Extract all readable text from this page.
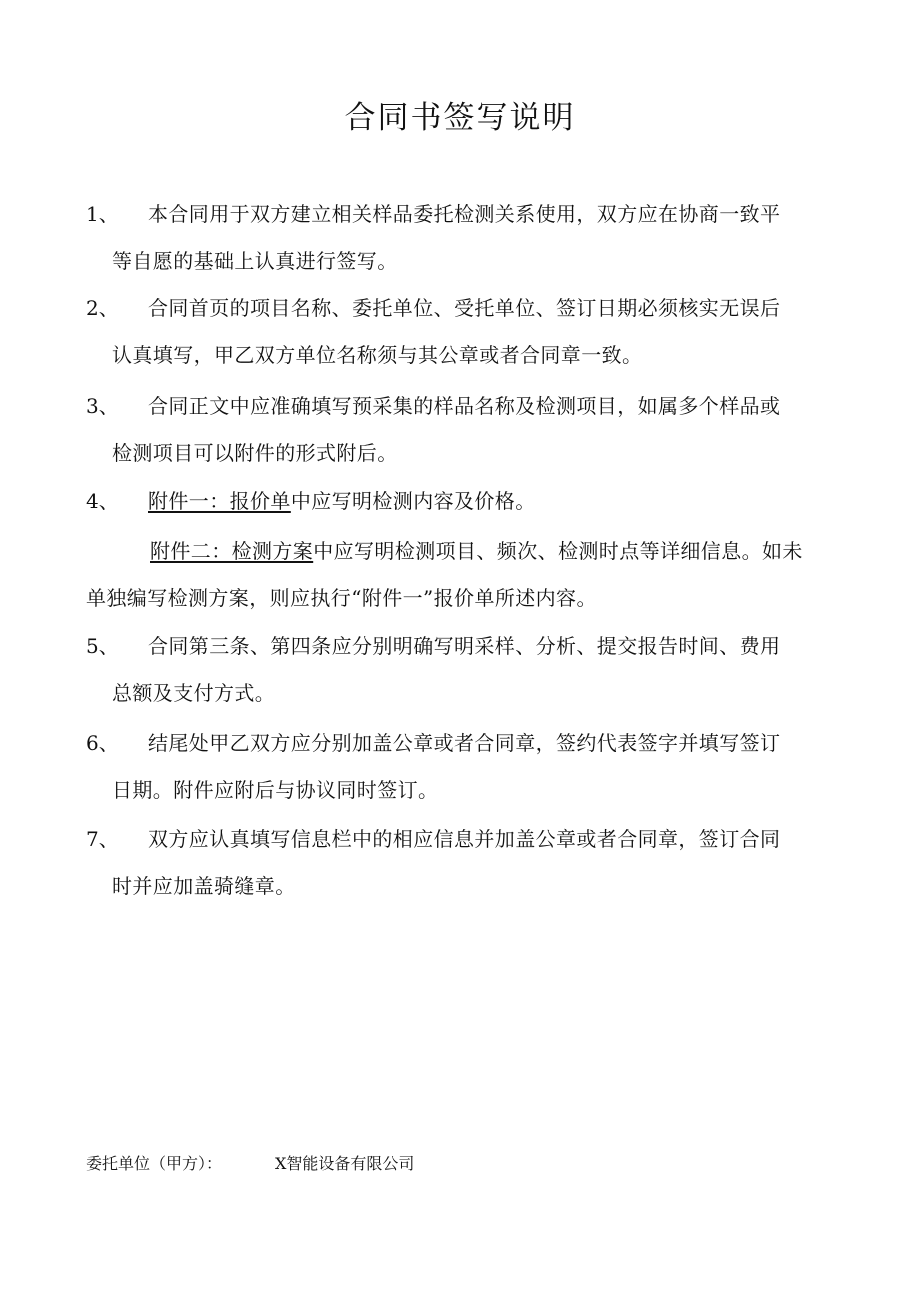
合同书签写说明
1、	本合同用于双方建立相关样品委托检测关系使用，双方应在协商一致平
等自愿的基础上认真进行签写。
2、	合同首页的项目名称、委托单位、受托单位、签订日期必须核实无误后
认真填写，甲乙双方单位名称须与其公章或者合同章一致。
3、	合同正文中应准确填写预采集的样品名称及检测项目，如属多个样品或
检测项目可以附件的形式附后。
4、	附件一：报价单中应写明检测内容及价格。
附件二：检测方案中应写明检测项目、频次、检测时点等详细信息。如未
单独编写检测方案，则应执行“附件一”报价单所述内容。
5、	合同第三条、第四条应分别明确写明采样、分析、提交报告时间、费用
总额及支付方式。
6、	结尾处甲乙双方应分别加盖公章或者合同章，签约代表签字并填写签订
日期。附件应附后与协议同时签订。
7、	双方应认真填写信息栏中的相应信息并加盖公章或者合同章，签订合同
时并应加盖骑缝章。
委托单位（甲方）：	X智能设备有限公司
